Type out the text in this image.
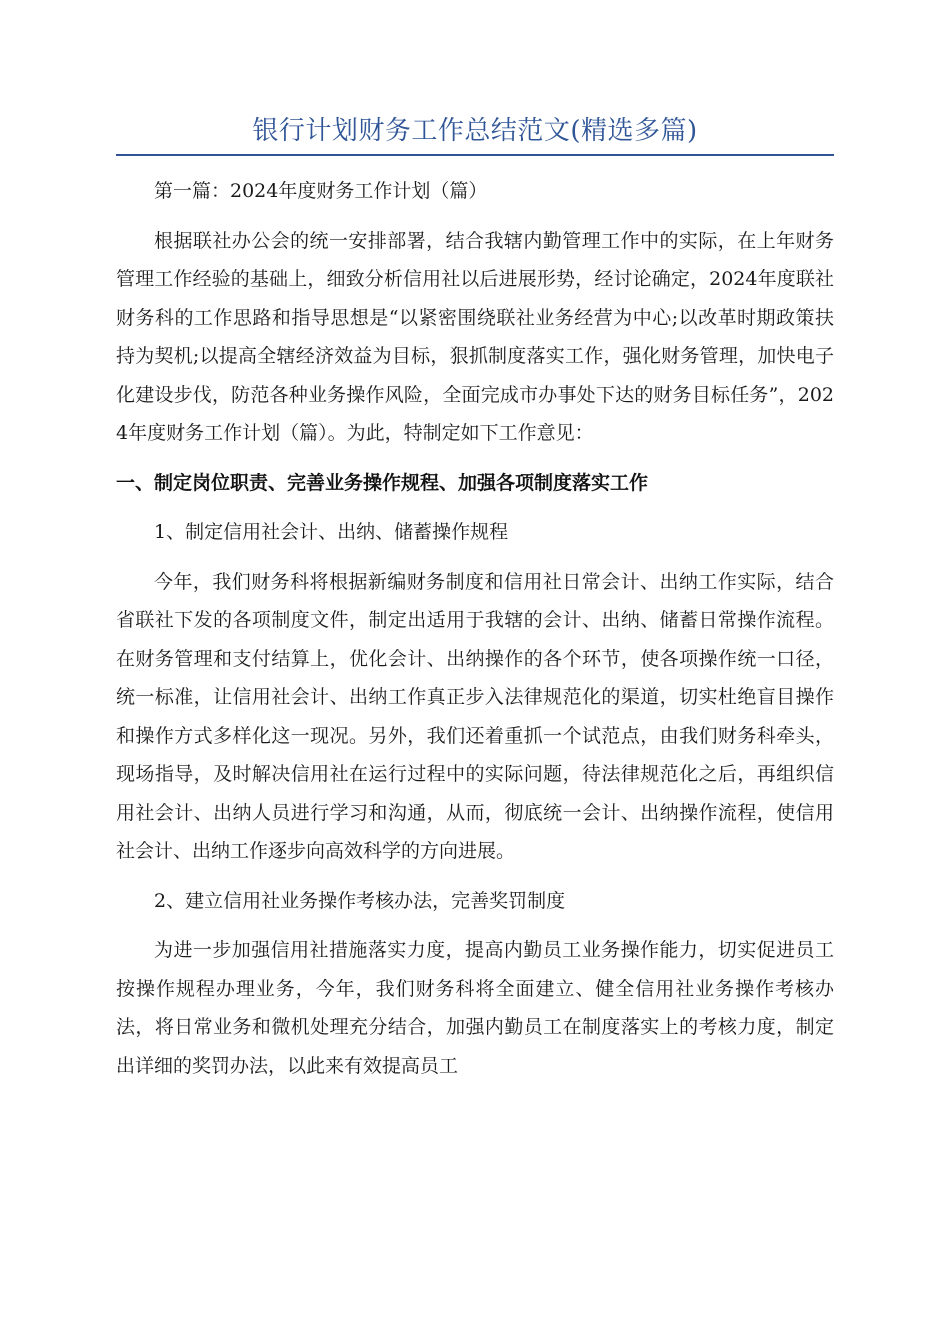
银行计划财务工作总结范文(精选多篇)

第一篇：2024年度财务工作计划（篇）

根据联社办公会的统一安排部署，结合我辖内勤管理工作中的实际，在上年财务管理工作经验的基础上，细致分析信用社以后进展形势，经讨论确定，2024年度联社财务科的工作思路和指导思想是“以紧密围绕联社业务经营为中心;以改革时期政策扶持为契机;以提高全辖经济效益为目标，狠抓制度落实工作，强化财务管理，加快电子化建设步伐，防范各种业务操作风险，全面完成市办事处下达的财务目标任务”，2024年度财务工作计划（篇）。为此，特制定如下工作意见：

一、制定岗位职责、完善业务操作规程、加强各项制度落实工作

1、制定信用社会计、出纳、储蓄操作规程

今年，我们财务科将根据新编财务制度和信用社日常会计、出纳工作实际，结合省联社下发的各项制度文件，制定出适用于我辖的会计、出纳、储蓄日常操作流程。在财务管理和支付结算上，优化会计、出纳操作的各个环节，使各项操作统一口径，统一标准，让信用社会计、出纳工作真正步入法律规范化的渠道，切实杜绝盲目操作和操作方式多样化这一现况。另外，我们还着重抓一个试范点，由我们财务科牵头，现场指导，及时解决信用社在运行过程中的实际问题，待法律规范化之后，再组织信用社会计、出纳人员进行学习和沟通，从而，彻底统一会计、出纳操作流程，使信用社会计、出纳工作逐步向高效科学的方向进展。

2、建立信用社业务操作考核办法，完善奖罚制度

为进一步加强信用社措施落实力度，提高内勤员工业务操作能力，切实促进员工按操作规程办理业务，今年，我们财务科将全面建立、健全信用社业务操作考核办法，将日常业务和微机处理充分结合，加强内勤员工在制度落实上的考核力度，制定出详细的奖罚办法，以此来有效提高员工
